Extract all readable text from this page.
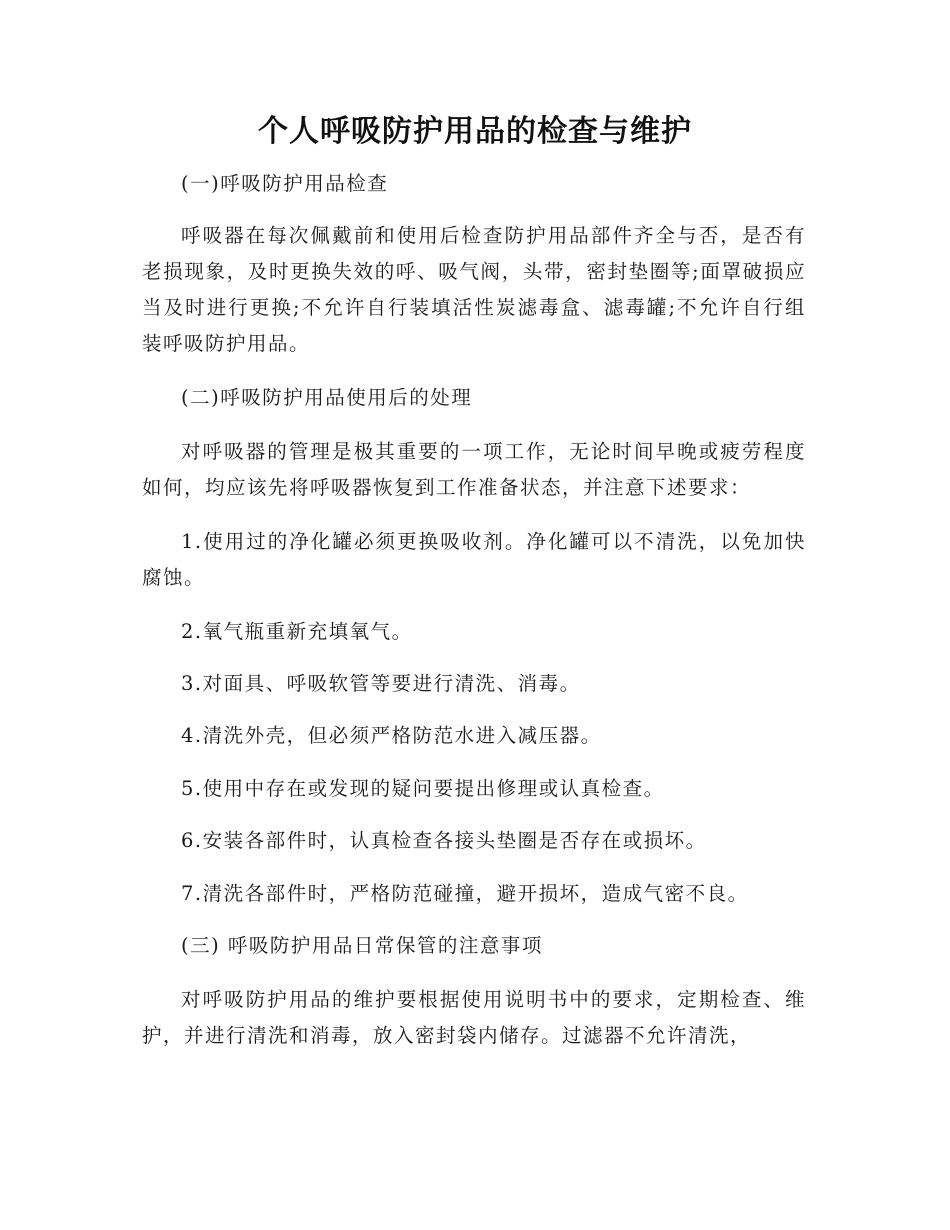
个人呼吸防护用品的检查与维护

(一)呼吸防护用品检查

呼吸器在每次佩戴前和使用后检查防护用品部件齐全与否，是否有老损现象，及时更换失效的呼、吸气阀，头带，密封垫圈等;面罩破损应当及时进行更换;不允许自行装填活性炭滤毒盒、滤毒罐;不允许自行组装呼吸防护用品。

(二)呼吸防护用品使用后的处理

对呼吸器的管理是极其重要的一项工作，无论时间早晚或疲劳程度如何，均应该先将呼吸器恢复到工作准备状态，并注意下述要求：

1.使用过的净化罐必须更换吸收剂。净化罐可以不清洗，以免加快腐蚀。

2.氧气瓶重新充填氧气。

3.对面具、呼吸软管等要进行清洗、消毒。

4.清洗外壳，但必须严格防范水进入减压器。

5.使用中存在或发现的疑问要提出修理或认真检查。

6.安装各部件时，认真检查各接头垫圈是否存在或损坏。

7.清洗各部件时，严格防范碰撞，避开损坏，造成气密不良。

(三) 呼吸防护用品日常保管的注意事项

对呼吸防护用品的维护要根据使用说明书中的要求，定期检查、维护，并进行清洗和消毒，放入密封袋内储存。过滤器不允许清洗，
